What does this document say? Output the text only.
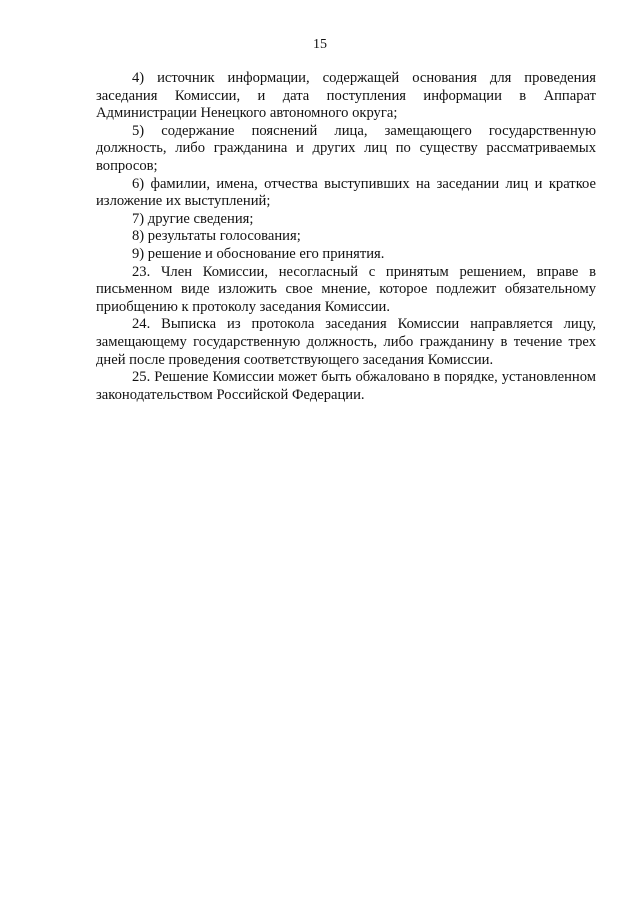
15

4) источник информации, содержащей основания для проведения заседания Комиссии, и дата поступления информации в Аппарат Администрации Ненецкого автономного округа;

5) содержание пояснений лица, замещающего государственную должность, либо гражданина и других лиц по существу рассматриваемых вопросов;

6) фамилии, имена, отчества выступивших на заседании лиц и краткое изложение их выступлений;

7) другие сведения;

8) результаты голосования;

9) решение и обоснование его принятия.

23. Член Комиссии, несогласный с принятым решением, вправе в письменном виде изложить свое мнение, которое подлежит обязательному приобщению к протоколу заседания Комиссии.

24. Выписка из протокола заседания Комиссии направляется лицу, замещающему государственную должность, либо гражданину в течение трех дней после проведения соответствующего заседания Комиссии.

25. Решение Комиссии может быть обжаловано в порядке, установленном законодательством Российской Федерации.
